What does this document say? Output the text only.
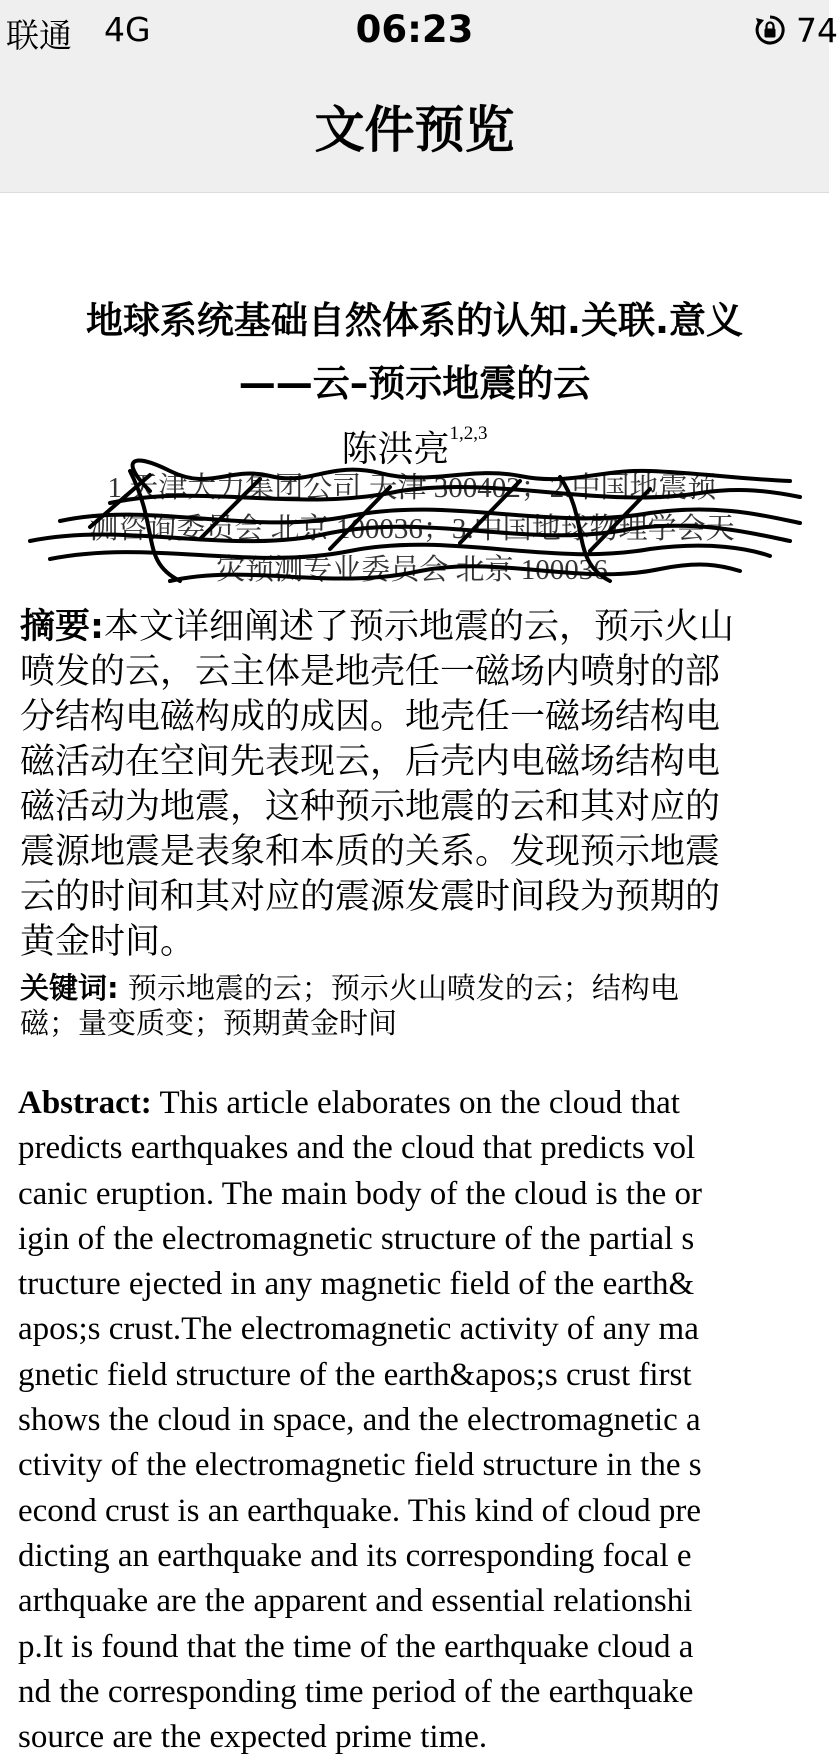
联通 4G	06:23	74
文件预览
地球系统基础自然体系的认知.关联.意义
——云–预示地震的云
陈洪亮$^{1,2,3}$
1.天津大力集团公司 天津 300402；2.中国地震预
测咨询委员会 北京 100036；3.中国地球物理学会天
灾预测专业委员会 北京 100036
摘要:本文详细阐述了预示地震的云，预示火山
喷发的云，云主体是地壳任一磁场内喷射的部
分结构电磁构成的成因。地壳任一磁场结构电
磁活动在空间先表现云，后壳内电磁场结构电
磁活动为地震，这种预示地震的云和其对应的
震源地震是表象和本质的关系。发现预示地震
云的时间和其对应的震源发震时间段为预期的
黄金时间。
关键词: 预示地震的云；预示火山喷发的云；结构电
磁；量变质变；预期黄金时间
Abstract: This article elaborates on the cloud that
predicts earthquakes and the cloud that predicts vol
canic eruption. The main body of the cloud is the or
igin of the electromagnetic structure of the partial s
tructure ejected in any magnetic field of the earth&
apos;s crust.The electromagnetic activity of any ma
gnetic field structure of the earth&apos;s crust first
shows the cloud in space, and the electromagnetic a
ctivity of the electromagnetic field structure in the s
econd crust is an earthquake. This kind of cloud pre
dicting an earthquake and its corresponding focal e
arthquake are the apparent and essential relationshi
p.It is found that the time of the earthquake cloud a
nd the corresponding time period of the earthquake
source are the expected prime time.
